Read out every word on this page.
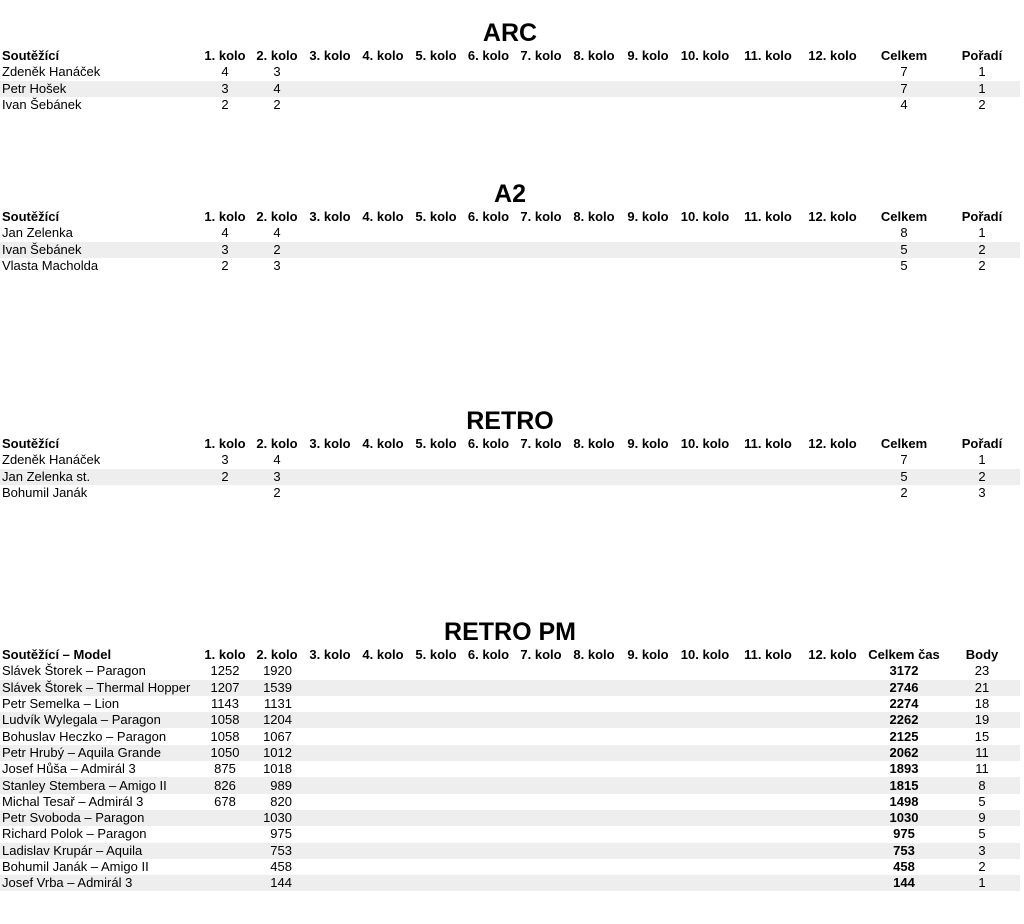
ARC
Soutěžící	1. kolo	2. kolo	3. kolo	4. kolo	5. kolo	6. kolo	7. kolo	8. kolo	9. kolo	10. kolo	11. kolo	12. kolo	Celkem	Pořadí
Zdeněk Hanáček	4	3											7	1
Petr Hošek	3	4											7	1
Ivan Šebánek	2	2											4	2
A2
Soutěžící	1. kolo	2. kolo	3. kolo	4. kolo	5. kolo	6. kolo	7. kolo	8. kolo	9. kolo	10. kolo	11. kolo	12. kolo	Celkem	Pořadí
Jan Zelenka	4	4											8	1
Ivan Šebánek	3	2											5	2
Vlasta Macholda	2	3											5	2
RETRO
Soutěžící	1. kolo	2. kolo	3. kolo	4. kolo	5. kolo	6. kolo	7. kolo	8. kolo	9. kolo	10. kolo	11. kolo	12. kolo	Celkem	Pořadí
Zdeněk Hanáček	3	4											7	1
Jan Zelenka st.	2	3											5	2
Bohumil Janák		2											2	3
RETRO PM
Soutěžící – Model	1. kolo	2. kolo	3. kolo	4. kolo	5. kolo	6. kolo	7. kolo	8. kolo	9. kolo	10. kolo	11. kolo	12. kolo	Celkem čas	Body
Slávek Štorek – Paragon	1252	1920											3172	23
Slávek Štorek – Thermal Hopper	1207	1539											2746	21
Petr Semelka – Lion	1143	1131											2274	18
Ludvík Wylegala – Paragon	1058	1204											2262	19
Bohuslav Heczko – Paragon	1058	1067											2125	15
Petr Hrubý – Aquila Grande	1050	1012											2062	11
Josef Hůša – Admirál 3	875	1018											1893	11
Stanley Stembera – Amigo II	826	989											1815	8
Michal Tesař – Admirál 3	678	820											1498	5
Petr Svoboda – Paragon		1030											1030	9
Richard Polok – Paragon		975											975	5
Ladislav Krupár – Aquila		753											753	3
Bohumil Janák – Amigo II		458											458	2
Josef Vrba – Admirál 3		144											144	1
